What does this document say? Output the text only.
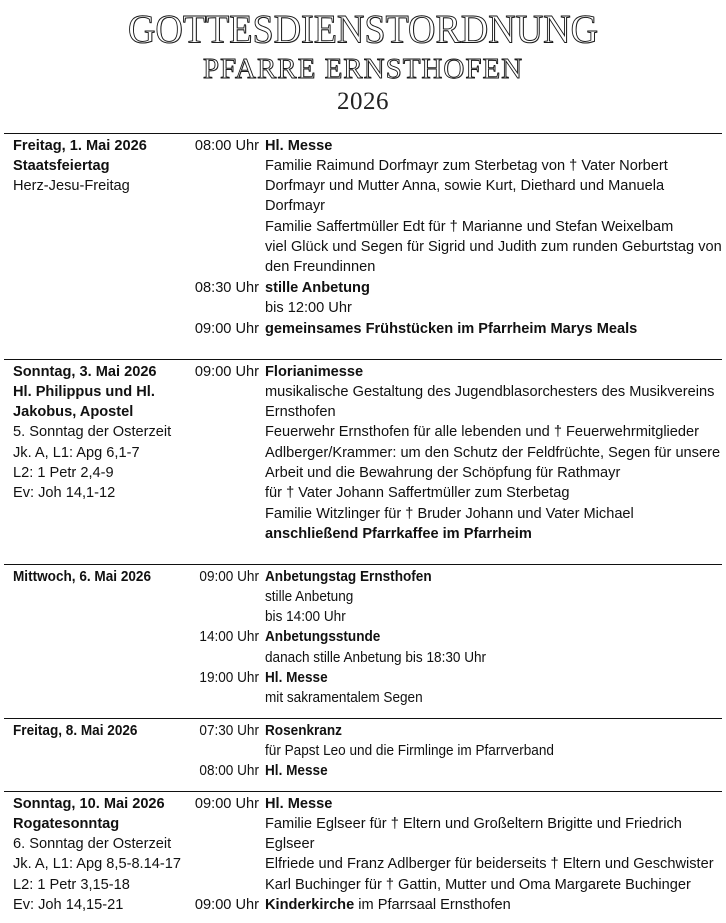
GOTTESDIENSTORDNUNG
PFARRE ERNSTHOFEN
2026
Freitag, 1. Mai 2026
Staatsfeiertag
Herz-Jesu-Freitag
08:00 Uhr Hl. Messe
Familie Raimund Dorfmayr zum Sterbetag von † Vater Norbert
Dorfmayr und Mutter Anna, sowie Kurt, Diethard und Manuela
Dorfmayr
Familie Saffertmüller Edt für † Marianne und Stefan Weixelbam
viel Glück und Segen für Sigrid und Judith zum runden Geburtstag von
den Freundinnen
08:30 Uhr stille Anbetung
bis 12:00 Uhr
09:00 Uhr gemeinsames Frühstücken im Pfarrheim Marys Meals
Sonntag, 3. Mai 2026
Hl. Philippus und Hl.
Jakobus, Apostel
5. Sonntag der Osterzeit
Jk. A, L1: Apg 6,1-7
L2: 1 Petr 2,4-9
Ev: Joh 14,1-12
09:00 Uhr Florianimesse
musikalische Gestaltung des Jugendblasorchesters des Musikvereins
Ernsthofen
Feuerwehr Ernsthofen für alle lebenden und † Feuerwehrmitglieder
Adlberger/Krammer: um den Schutz der Feldfrüchte, Segen für unsere
Arbeit und die Bewahrung der Schöpfung für Rathmayr
für † Vater Johann Saffertmüller zum Sterbetag
Familie Witzlinger für † Bruder Johann und Vater Michael
anschließend Pfarrkaffee im Pfarrheim
Mittwoch, 6. Mai 2026	09:00 Uhr Anbetungstag Ernsthofen
stille Anbetung
bis 14:00 Uhr
14:00 Uhr Anbetungsstunde
danach stille Anbetung bis 18:30 Uhr
19:00 Uhr Hl. Messe
mit sakramentalem Segen
Freitag, 8. Mai 2026	07:30 Uhr Rosenkranz
für Papst Leo und die Firmlinge im Pfarrverband
08:00 Uhr Hl. Messe
Sonntag, 10. Mai 2026
Rogatesonntag
6. Sonntag der Osterzeit
Jk. A, L1: Apg 8,5-8.14-17
L2: 1 Petr 3,15-18
Ev: Joh 14,15-21
09:00 Uhr Hl. Messe
Familie Eglseer für † Eltern und Großeltern Brigitte und Friedrich
Eglseer
Elfriede und Franz Adlberger für beiderseits † Eltern und Geschwister
Karl Buchinger für † Gattin, Mutter und Oma Margarete Buchinger
09:00 Uhr Kinderkirche im Pfarrsaal Ernsthofen
